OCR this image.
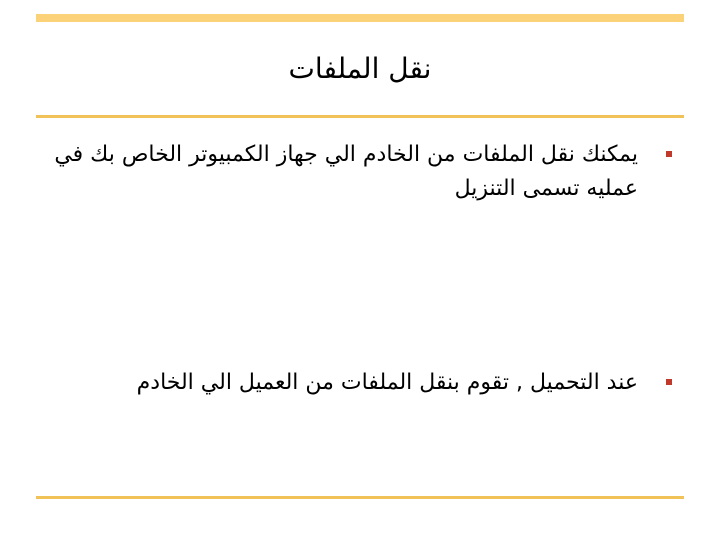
نقل الملفات
يمكنك نقل الملفات من الخادم الي جهاز الكمبيوتر الخاص بك في عمليه تسمى التنزيل
عند التحميل , تقوم بنقل الملفات من العميل الي الخادم
